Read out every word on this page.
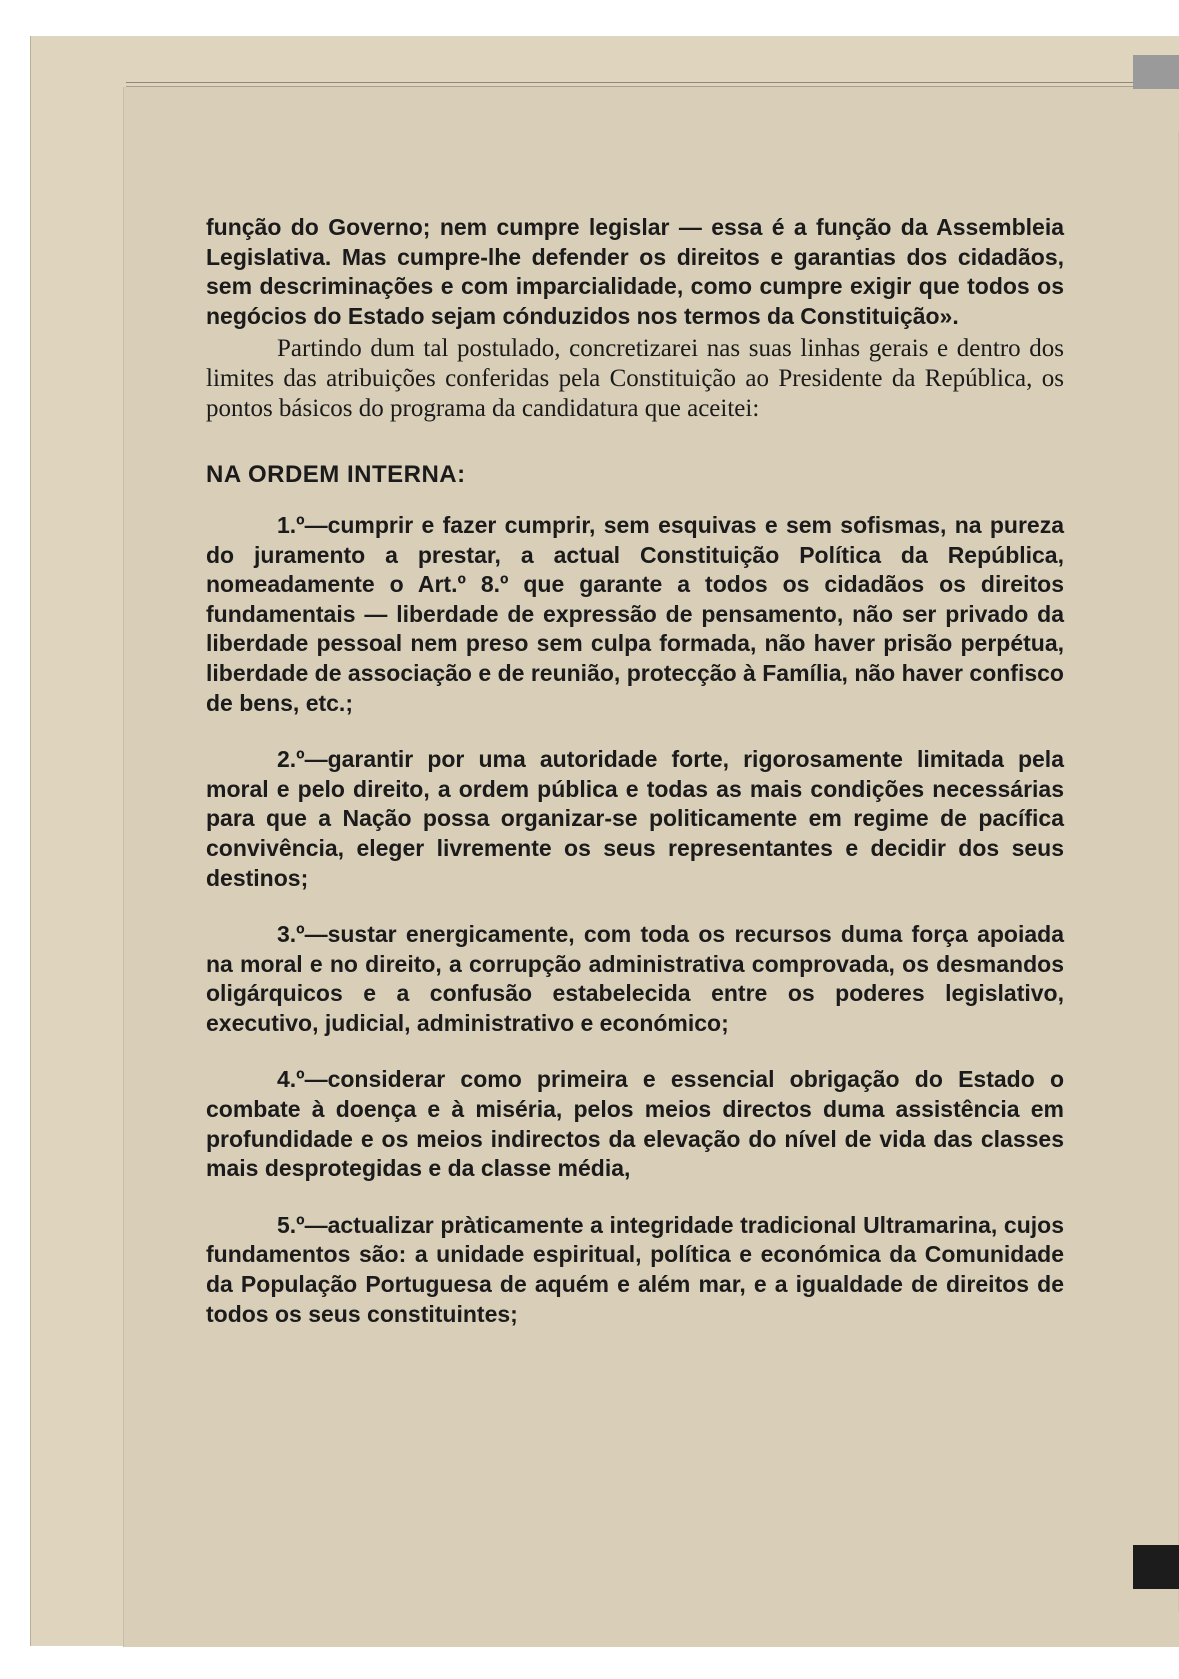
função do Governo; nem cumpre legislar — essa é a função da Assembleia Legislativa. Mas cumpre-lhe defender os direitos e garantias dos cidadãos, sem descriminações e com imparcialidade, como cumpre exigir que todos os negócios do Estado sejam cónduzidos nos termos da Constituição».

Partindo dum tal postulado, concretizarei nas suas linhas gerais e dentro dos limites das atribuições conferidas pela Constituição ao Presidente da República, os pontos básicos do programa da candidatura que aceitei:

NA ORDEM INTERNA:

1.º—cumprir e fazer cumprir, sem esquivas e sem sofismas, na pureza do juramento a prestar, a actual Constituição Política da República, nomeadamente o Art.º 8.º que garante a todos os cidadãos os direitos fundamentais — liberdade de expressão de pensamento, não ser privado da liberdade pessoal nem preso sem culpa formada, não haver prisão perpétua, liberdade de associação e de reunião, protecção à Família, não haver confisco de bens, etc.;

2.º—garantir por uma autoridade forte, rigorosamente limitada pela moral e pelo direito, a ordem pública e todas as mais condições necessárias para que a Nação possa organizar-se politicamente em regime de pacífica convivência, eleger livremente os seus representantes e decidir dos seus destinos;

3.º—sustar energicamente, com toda os recursos duma força apoiada na moral e no direito, a corrupção administrativa comprovada, os desmandos oligárquicos e a confusão estabelecida entre os poderes legislativo, executivo, judicial, administrativo e económico;

4.º—considerar como primeira e essencial obrigação do Estado o combate à doença e à miséria, pelos meios directos duma assistência em profundidade e os meios indirectos da elevação do nível de vida das classes mais desprotegidas e da classe média,

5.º—actualizar pràticamente a integridade tradicional Ultramarina, cujos fundamentos são: a unidade espiritual, política e económica da Comunidade da População Portuguesa de aquém e além mar, e a igualdade de direitos de todos os seus constituintes;
